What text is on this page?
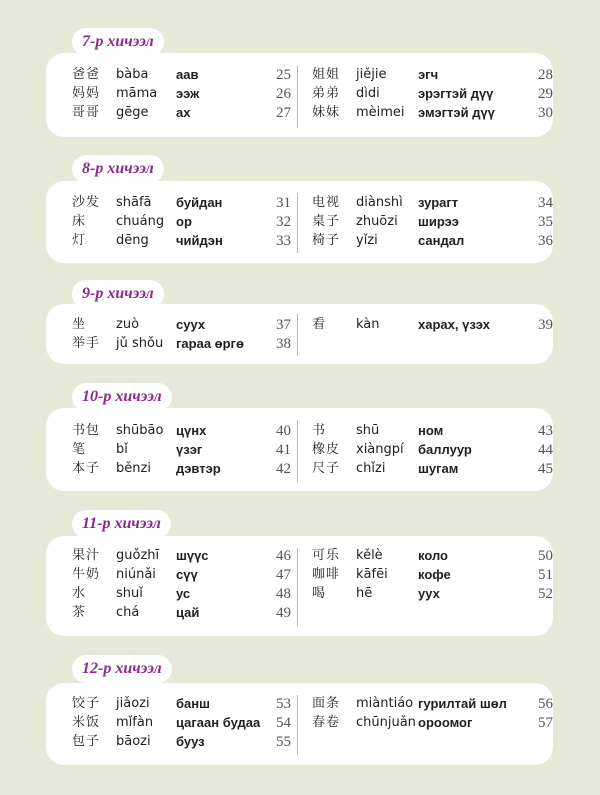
7-р хичээл
爸爸 bàba аав	25
妈妈 māma ээж	26
哥哥 gēge ах	27
姐姐 jiějie эгч	28
弟弟 dìdi	эрэгтэй дүү	29
妹妹 mèimei эмэгтэй дүү	30
8-р хичээл
沙发 shāfā буйдан	31
床 chuáng ор	32
灯 dēng чийдэн	33
电视 diànshì зурагт	34
桌子 zhuōzi ширээ	35
椅子 yǐzi	сандал	36
9-р хичээл
坐 zuò	суух	37
举手 jǔ shǒu гараа өргө 38
看 kàn	харах, үзэх	39
10-р хичээл
书包 shūbāo цүнх	40
笔 bǐ	үзэг	41
本子 běnzi дэвтэр	42
书 shū	ном	43
橡皮 xiàngpí баллуур	44
尺子 chǐzi	шугам	45
11-р хичээл
果汁 guǒzhī шүүс	46
牛奶 niúnǎi сүү	47
水 shuǐ	ус	48
茶 chá	цай	49
可乐 kělè	коло	50
咖啡 kāfēi кофе	51
喝 hē	уух	52
12-р хичээл
饺子 jiǎozi банш	53
米饭 mǐfàn цагаан будаа 54
包子 bāozi бууз	55
面条 miàntiáo гурилтай шөл 56
春卷 chūnjuǎn ороомог	57
